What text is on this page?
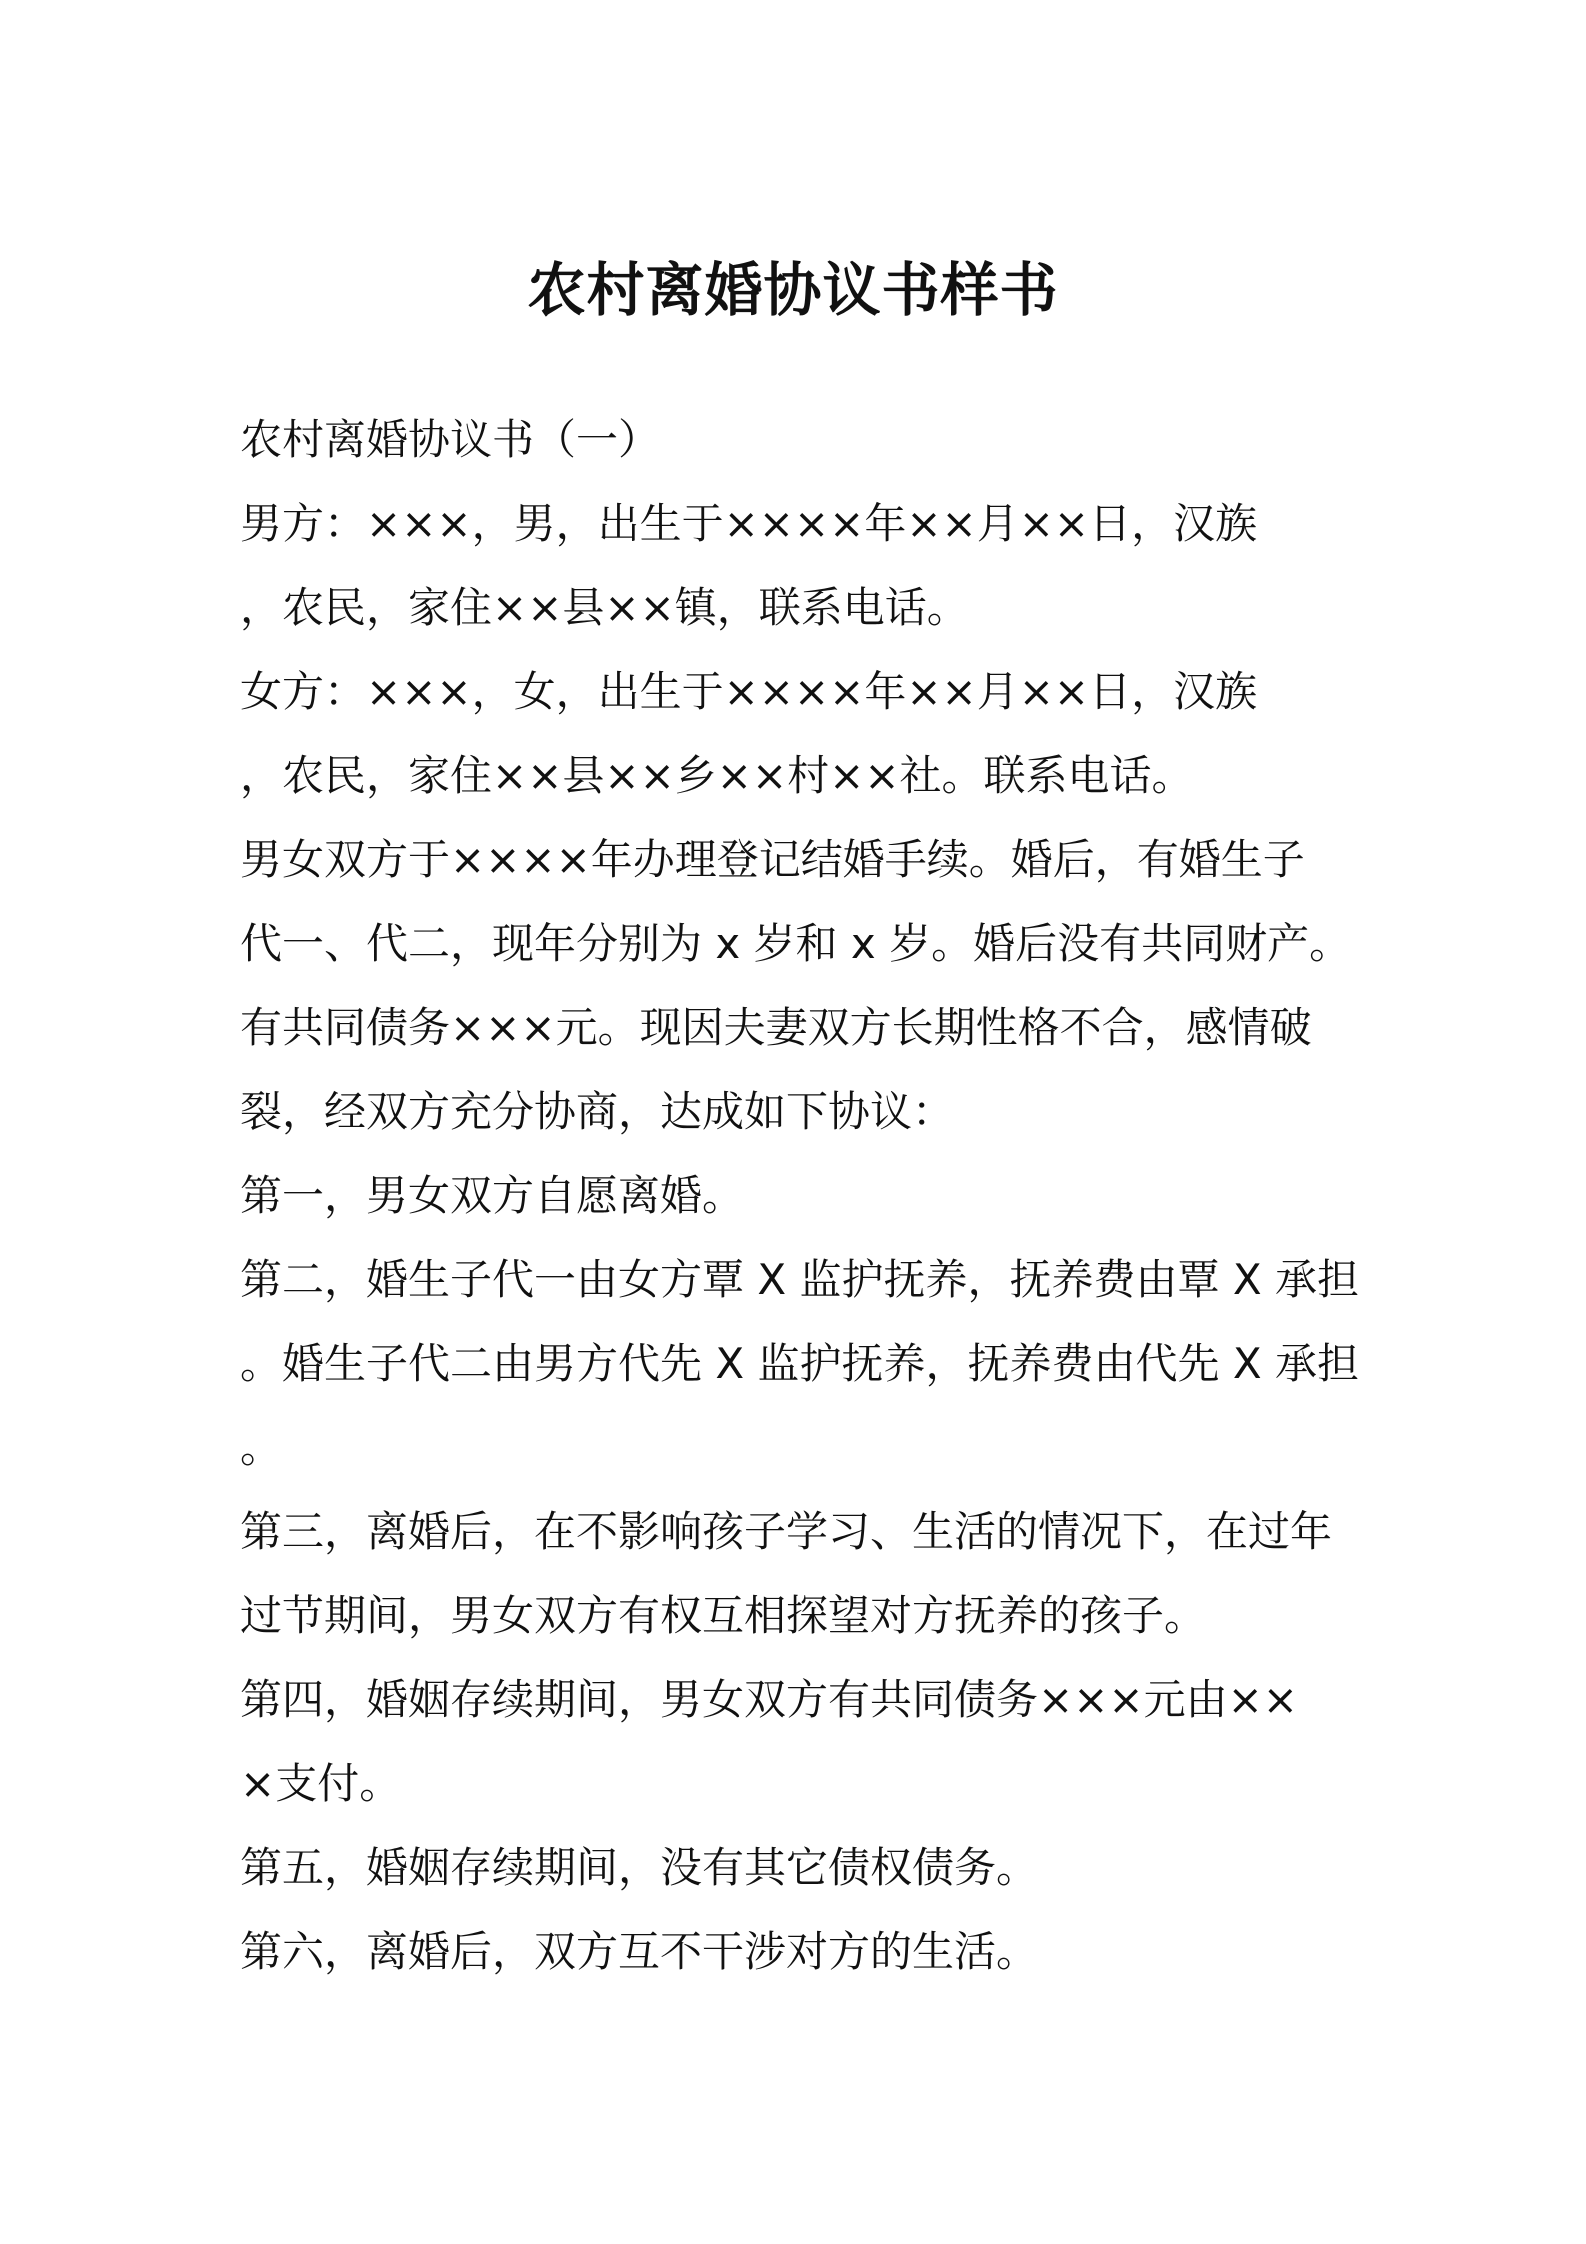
农村离婚协议书样书
农村离婚协议书（一）
男方：×××，男，出生于××××年××月××日，汉族
，农民，家住××县××镇，联系电话。
女方：×××，女，出生于××××年××月××日，汉族
，农民，家住××县××乡××村××社。联系电话。
男女双方于××××年办理登记结婚手续。婚后，有婚生子
代一、代二，现年分别为 x 岁和 x 岁。婚后没有共同财产。
有共同债务×××元。现因夫妻双方长期性格不合，感情破
裂，经双方充分协商，达成如下协议：
第一，男女双方自愿离婚。
第二，婚生子代一由女方覃 X 监护抚养，抚养费由覃 X 承担
。婚生子代二由男方代先 X 监护抚养，抚养费由代先 X 承担
。
第三，离婚后，在不影响孩子学习、生活的情况下，在过年
过节期间，男女双方有权互相探望对方抚养的孩子。
第四，婚姻存续期间，男女双方有共同债务×××元由××
×支付。
第五，婚姻存续期间，没有其它债权债务。
第六，离婚后，双方互不干涉对方的生活。
